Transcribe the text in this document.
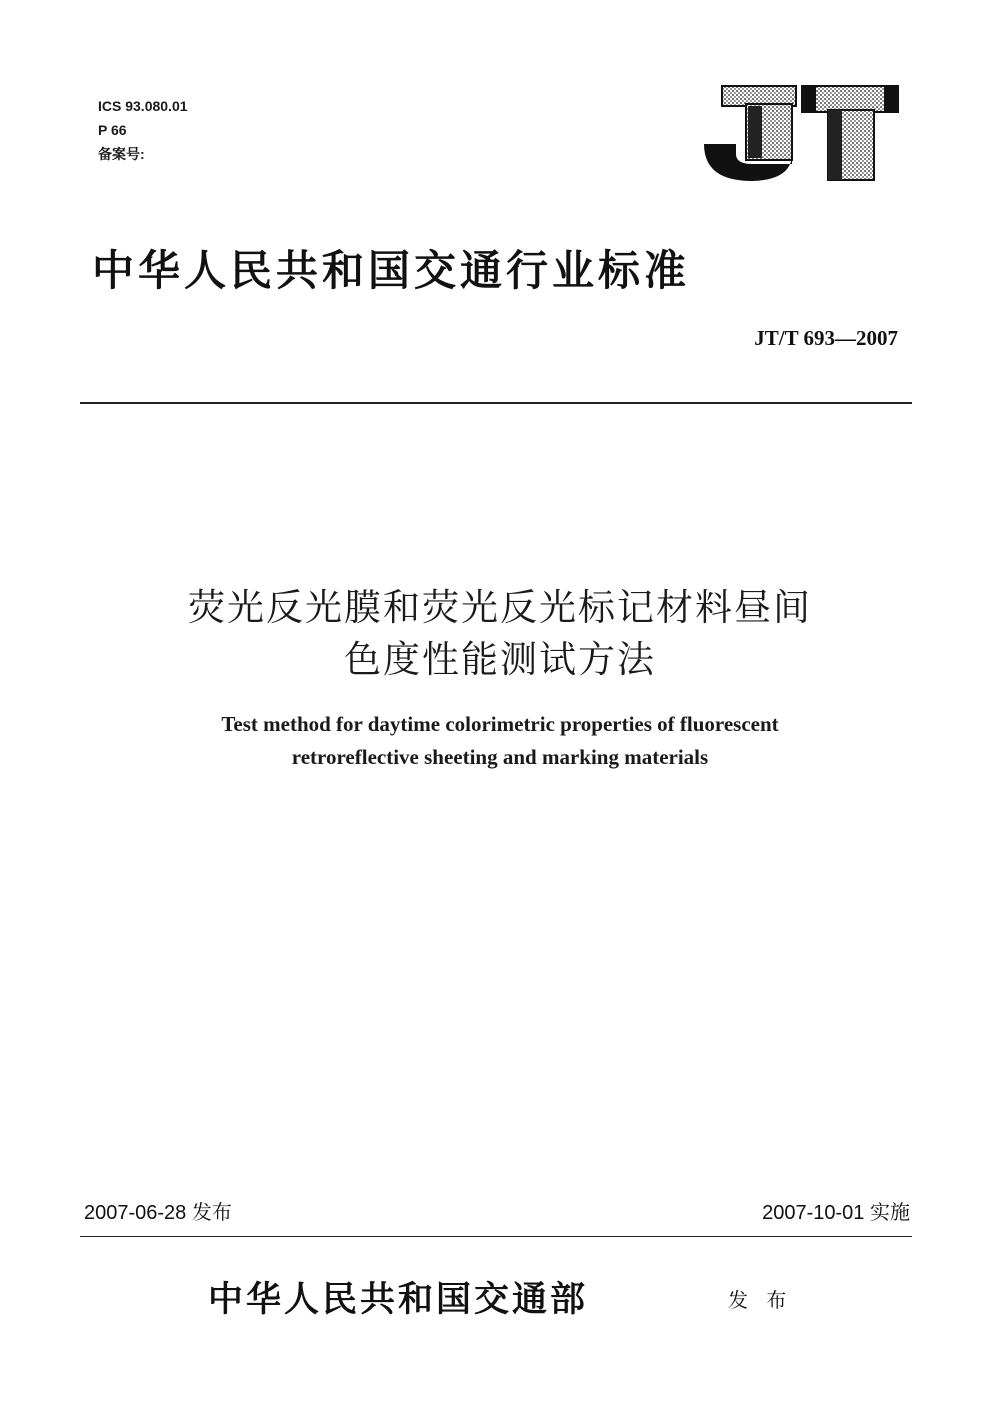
ICS 93.080.01
P 66
备案号:
中华人民共和国交通行业标准
JT/T 693—2007
荧光反光膜和荧光反光标记材料昼间
色度性能测试方法
Test method for daytime colorimetric properties of fluorescent
retroreflective sheeting and marking materials
2007-06-28 发布	2007-10-01 实施
中华人民共和国交通部	发 布
